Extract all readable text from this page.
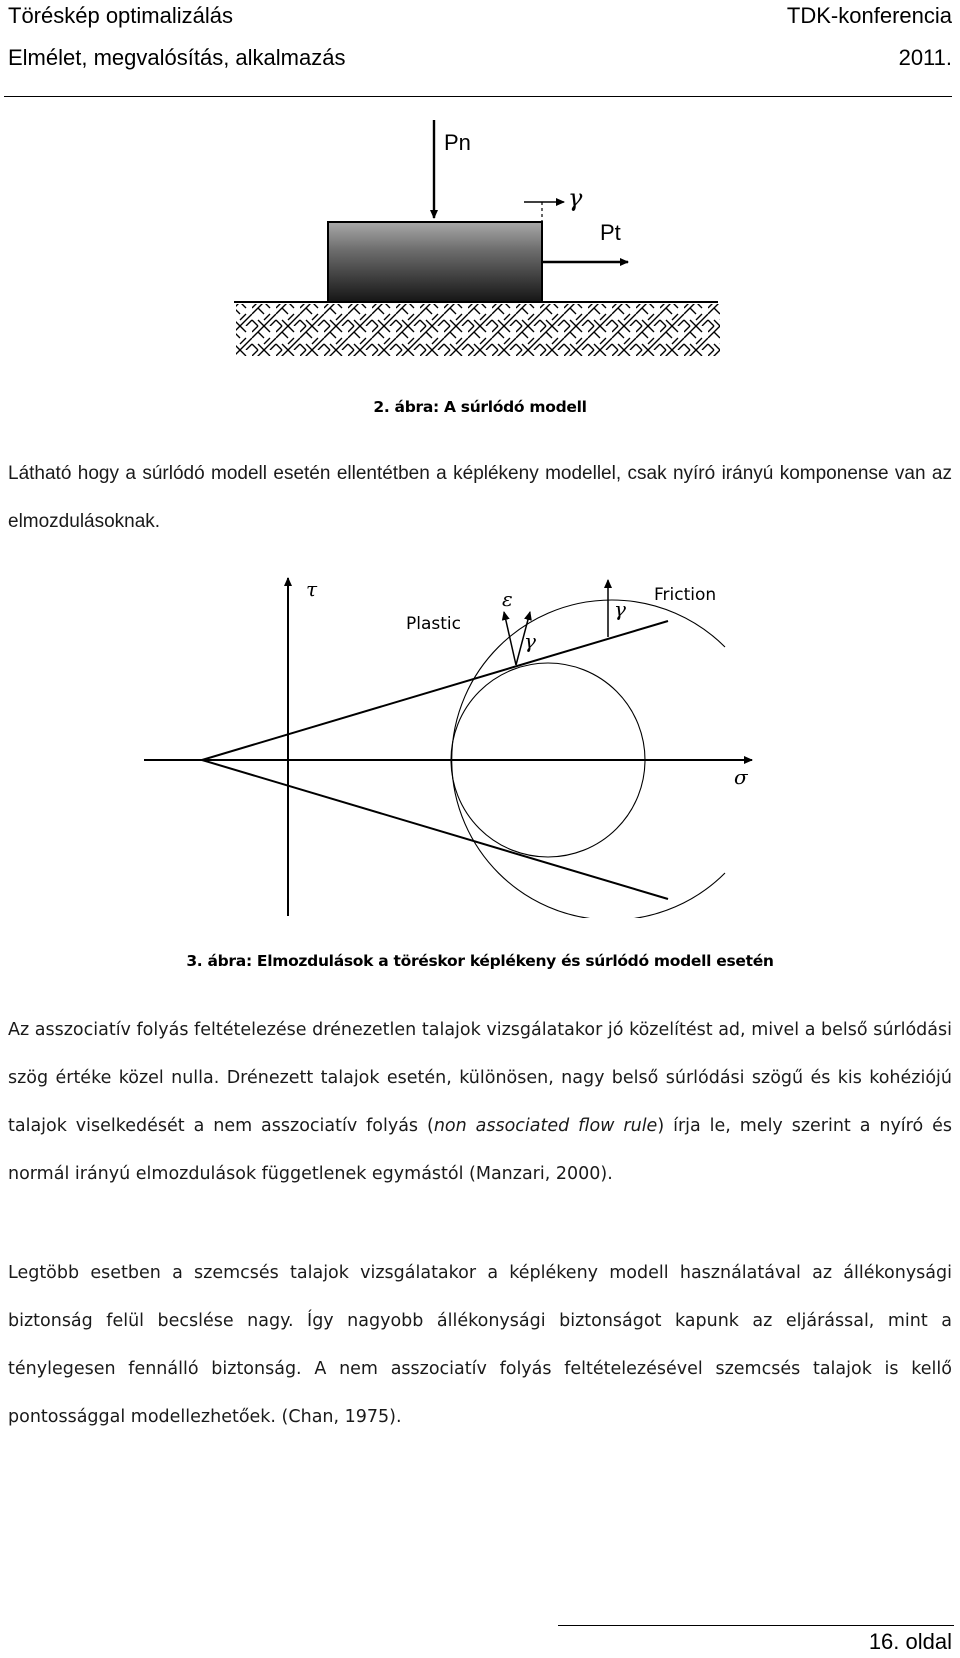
Töréskép optimalizálás	TDK-konferencia
Elmélet, megvalósítás, alkalmazás	2011.
Pn
γ
Pt
2. ábra: A súrlódó modell
Látható hogy a súrlódó modell esetén ellentétben a képlékeny modellel, csak nyíró irányú komponense van az elmozdulásoknak.
τ
σ
ε
γ
γ
Plastic
Friction
3. ábra: Elmozdulások a töréskor képlékeny és súrlódó modell esetén
Az asszociatív folyás feltételezése drénezetlen talajok vizsgálatakor jó közelítést ad, mivel a belső súrlódási szög értéke közel nulla. Drénezett talajok esetén, különösen, nagy belső súrlódási szögű és kis kohéziójú talajok viselkedését a nem asszociatív folyás (non associated flow rule) írja le, mely szerint a nyíró és normál irányú elmozdulások függetlenek egymástól (Manzari, 2000).
Legtöbb esetben a szemcsés talajok vizsgálatakor a képlékeny modell használatával az állékonysági biztonság felül becslése nagy. Így nagyobb állékonysági biztonságot kapunk az eljárással, mint a ténylegesen fennálló biztonság. A nem asszociatív folyás feltételezésével szemcsés talajok is kellő pontossággal modellezhetőek. (Chan, 1975).
16. oldal
